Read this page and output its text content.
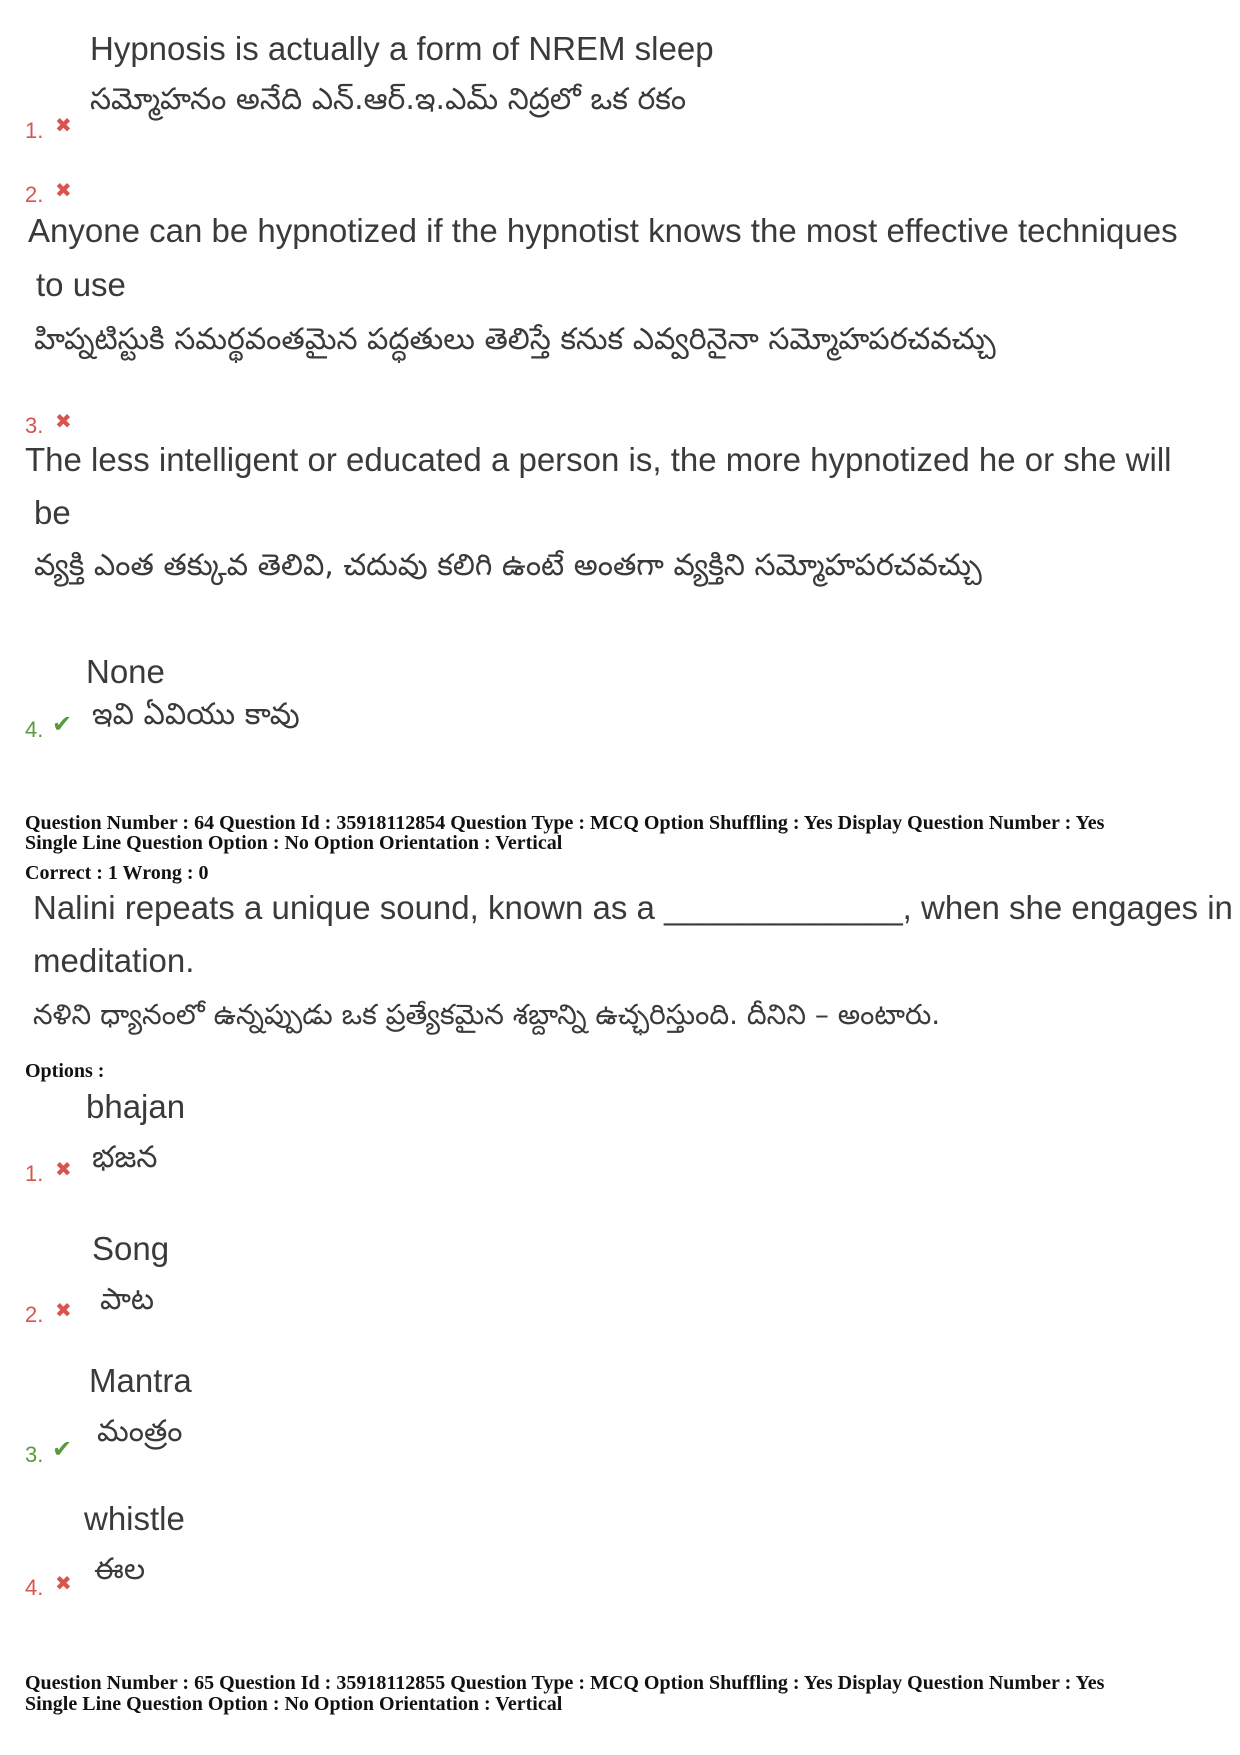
Hypnosis is actually a form of NREM sleep
సమ్మోహనం అనేది ఎన్.ఆర్.ఇ.ఎమ్ నిద్రలో ఒక రకం
1. ✖
2. ✖
Anyone can be hypnotized if the hypnotist knows the most effective techniques
to use
హిప్నటిస్టుకి సమర్థవంతమైన పద్ధతులు తెలిస్తే కనుక ఎవ్వరినైనా సమ్మోహపరచవచ్చు
3. ✖
The less intelligent or educated a person is, the more hypnotized he or she will
be
వ్యక్తి ఎంత తక్కువ తెలివి, చదువు కలిగి ఉంటే అంతగా వ్యక్తిని సమ్మోహపరచవచ్చు
None
ఇవి ఏవియు కావు
4. ✔
Question Number : 64 Question Id : 35918112854 Question Type : MCQ Option Shuffling : Yes Display Question Number : Yes
Single Line Question Option : No Option Orientation : Vertical
Correct : 1 Wrong : 0
Nalini repeats a unique sound, known as a _____________, when she engages in
meditation.
నళిని ధ్యానంలో ఉన్నప్పుడు ఒక ప్రత్యేకమైన శబ్దాన్ని ఉచ్ఛరిస్తుంది. దీనిని – అంటారు.
Options :
bhajan
భజన
1. ✖
Song
పాట
2. ✖
Mantra
మంత్రం
3. ✔
whistle
ఈల
4. ✖
Question Number : 65 Question Id : 35918112855 Question Type : MCQ Option Shuffling : Yes Display Question Number : Yes
Single Line Question Option : No Option Orientation : Vertical
